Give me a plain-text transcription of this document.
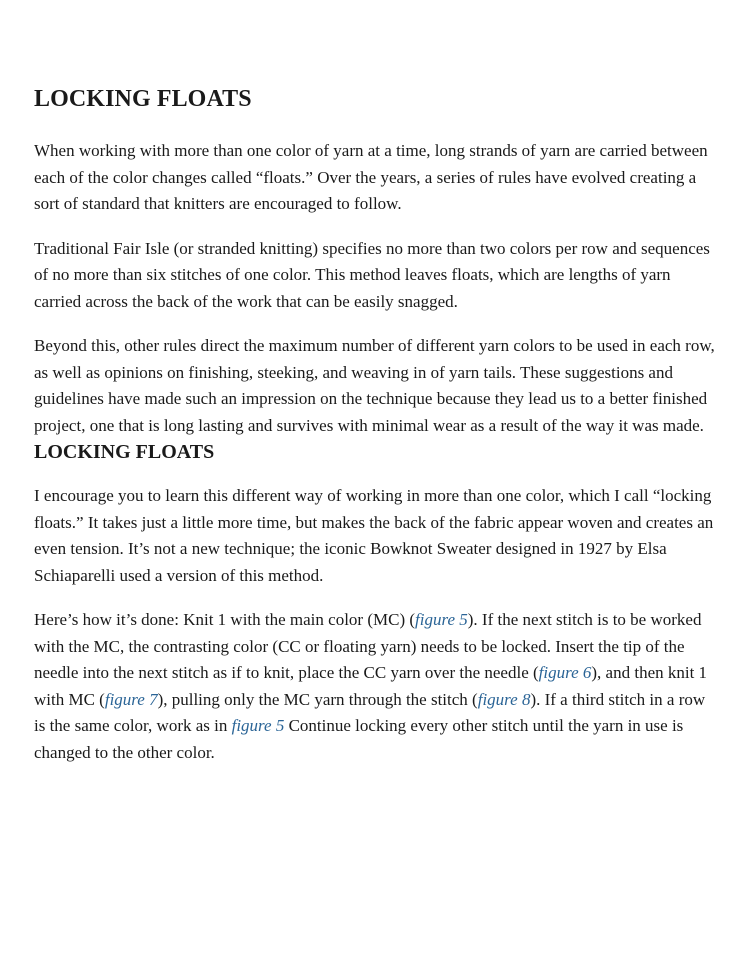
LOCKING FLOATS

When working with more than one color of yarn at a time, long strands of yarn are carried between each of the color changes called “floats.” Over the years, a series of rules have evolved creating a sort of standard that knitters are encouraged to follow.

Traditional Fair Isle (or stranded knitting) specifies no more than two colors per row and sequences of no more than six stitches of one color. This method leaves floats, which are lengths of yarn carried across the back of the work that can be easily snagged.

Beyond this, other rules direct the maximum number of different yarn colors to be used in each row, as well as opinions on finishing, steeking, and weaving in of yarn tails. These suggestions and guidelines have made such an impression on the technique because they lead us to a better finished project, one that is long lasting and survives with minimal wear as a result of the way it was made.

LOCKING FLOATS

I encourage you to learn this different way of working in more than one color, which I call “locking floats.” It takes just a little more time, but makes the back of the fabric appear woven and creates an even tension. It’s not a new technique; the iconic Bowknot Sweater designed in 1927 by Elsa Schiaparelli used a version of this method.

Here’s how it’s done: Knit 1 with the main color (MC) (figure 5). If the next stitch is to be worked with the MC, the contrasting color (CC or floating yarn) needs to be locked. Insert the tip of the needle into the next stitch as if to knit, place the CC yarn over the needle (figure 6), and then knit 1 with MC (figure 7), pulling only the MC yarn through the stitch (figure 8). If a third stitch in a row is the same color, work as in figure 5 Continue locking every other stitch until the yarn in use is changed to the other color.
